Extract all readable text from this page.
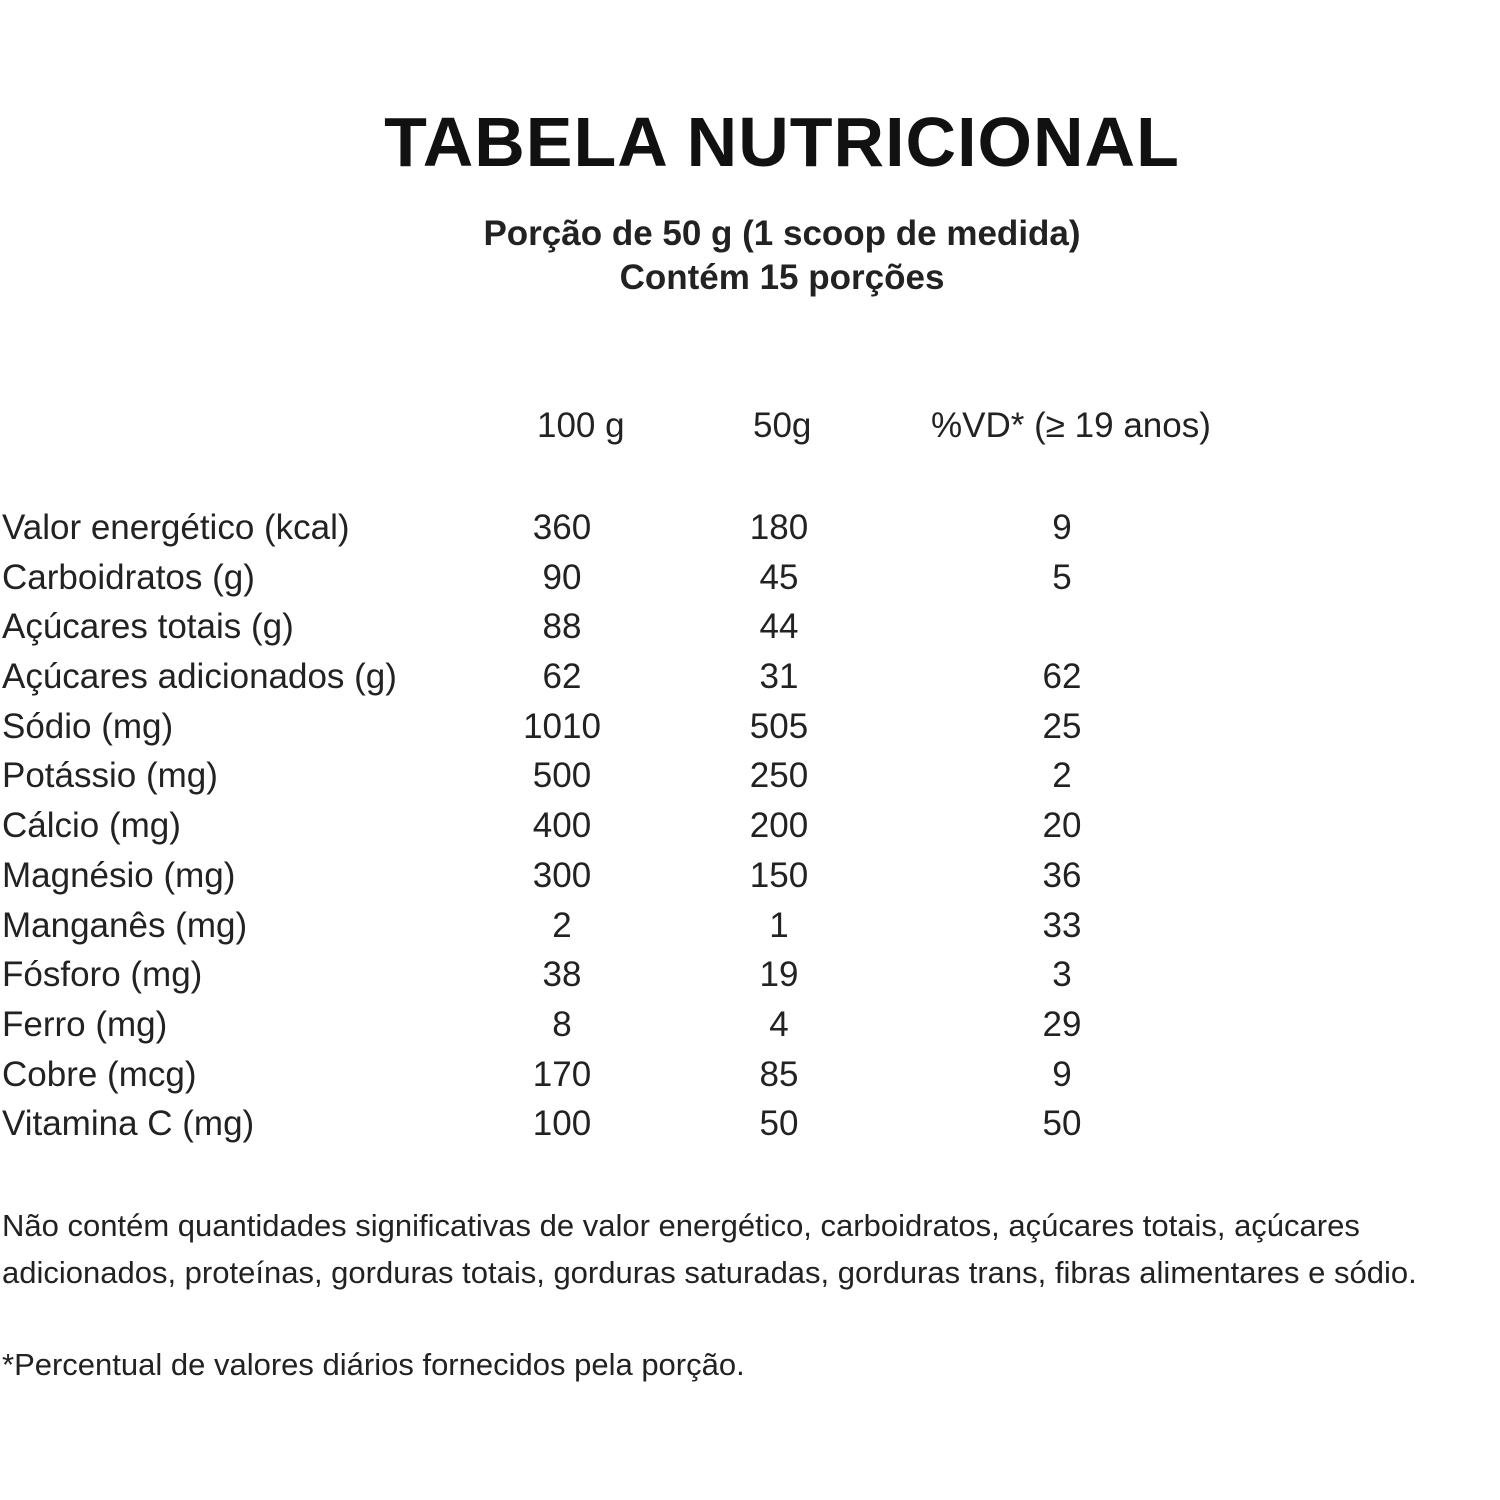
TABELA NUTRICIONAL
Porção de 50 g (1 scoop de medida)
Contém 15 porções
100 g	50g	%VD* (≥ 19 anos)
Valor energético (kcal)	360	180	9
Carboidratos (g)	90	45	5
Açúcares totais (g)	88	44
Açúcares adicionados (g)	62	31	62
Sódio (mg)	1010	505	25
Potássio (mg)	500	250	2
Cálcio (mg)	400	200	20
Magnésio (mg)	300	150	36
Manganês (mg)	2	1	33
Fósforo (mg)	38	19	3
Ferro (mg)	8	4	29
Cobre (mcg)	170	85	9
Vitamina C (mg)	100	50	50

Não contém quantidades significativas de valor energético, carboidratos, açúcares totais, açúcares adicionados, proteínas, gorduras totais, gorduras saturadas, gorduras trans, fibras alimentares e sódio.

*Percentual de valores diários fornecidos pela porção.
